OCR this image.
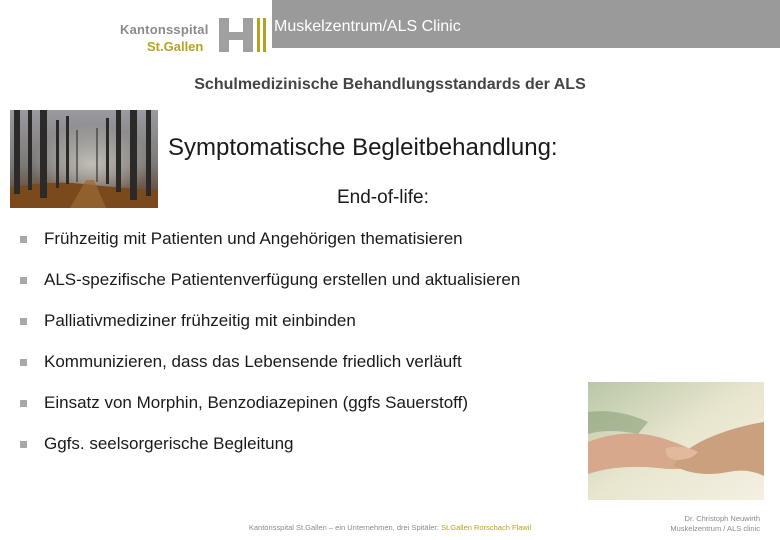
Kantonsspital
St.Gallen
Muskelzentrum/ALS Clinic
Schulmedizinische Behandlungsstandards der ALS
Symptomatische Begleitbehandlung:
End-of-life:
Frühzeitig mit Patienten und Angehörigen thematisieren
ALS-spezifische Patientenverfügung erstellen und aktualisieren
Palliativmediziner frühzeitig mit einbinden
Kommunizieren, dass das Lebensende friedlich verläuft
Einsatz von Morphin, Benzodiazepinen (ggfs Sauerstoff)
Ggfs. seelsorgerische Begleitung
Kantonsspital St.Gallen – ein Unternehmen, drei Spitäler: St.Gallen Rorschach Flawil
Dr. Christoph Neuwirth
Muskelzentrum / ALS clinic
